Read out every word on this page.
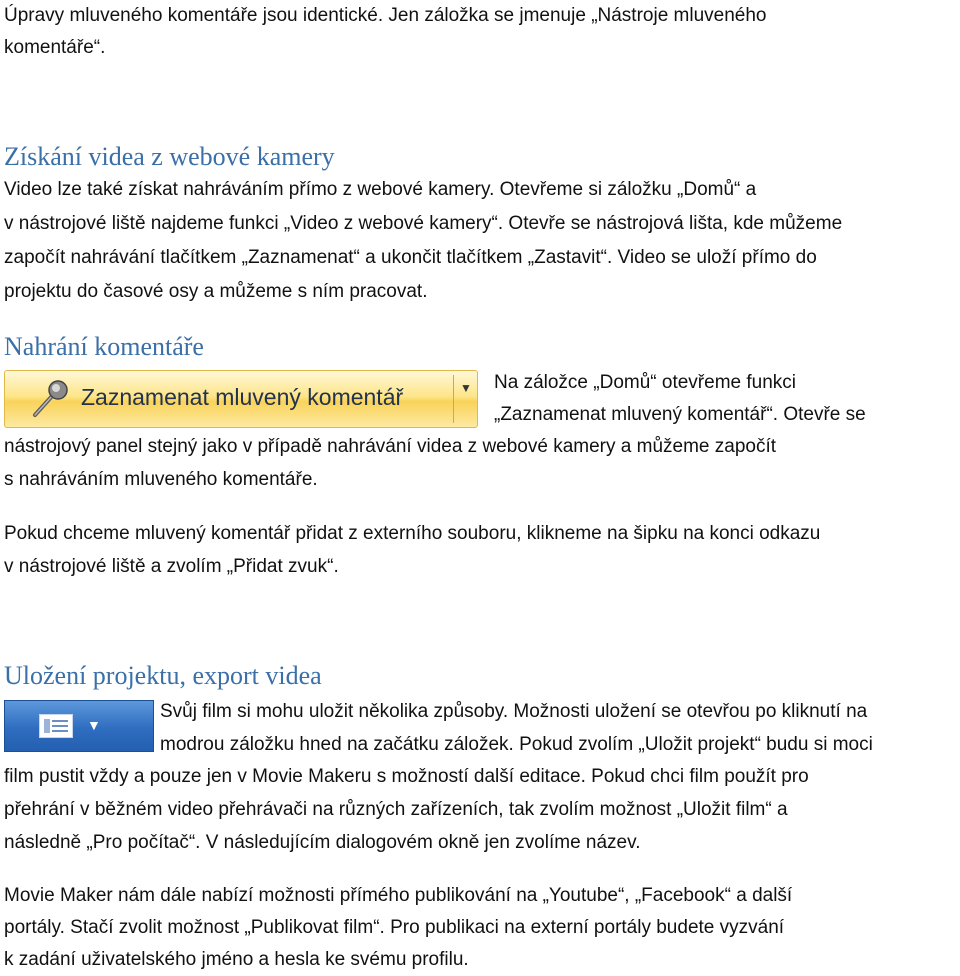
Úpravy mluveného komentáře jsou identické. Jen záložka se jmenuje „Nástroje mluveného
komentáře“.
Získání videa z webové kamery
Video lze také získat nahráváním přímo z webové kamery. Otevřeme si záložku „Domů“ a
v nástrojové liště najdeme funkci „Video z webové kamery“. Otevře se nástrojová lišta, kde můžeme
započít nahrávání tlačítkem „Zaznamenat“ a ukončit tlačítkem „Zastavit“. Video se uloží přímo do
projektu do časové osy a můžeme s ním pracovat.
Nahrání komentáře
Zaznamenat mluvený komentář	▼ Na záložce „Domů“ otevřeme funkci
„Zaznamenat mluvený komentář“. Otevře se
nástrojový panel stejný jako v případě nahrávání videa z webové kamery a můžeme započít
s nahráváním mluveného komentáře.
Pokud chceme mluvený komentář přidat z externího souboru, klikneme na šipku na konci odkazu
v nástrojové liště a zvolím „Přidat zvuk“.
Uložení projektu, export videa
▼
Svůj film si mohu uložit několika způsoby. Možnosti uložení se otevřou po kliknutí na
modrou záložku hned na začátku záložek. Pokud zvolím „Uložit projekt“ budu si moci
film pustit vždy a pouze jen v Movie Makeru s možností další editace. Pokud chci film použít pro
přehrání v běžném video přehrávači na různých zařízeních, tak zvolím možnost „Uložit film“ a
následně „Pro počítač“. V následujícím dialogovém okně jen zvolíme název.
Movie Maker nám dále nabízí možnosti přímého publikování na „Youtube“, „Facebook“ a další
portály. Stačí zvolit možnost „Publikovat film“. Pro publikaci na externí portály budete vyzvání
k zadání uživatelského jméno a hesla ke svému profilu.
